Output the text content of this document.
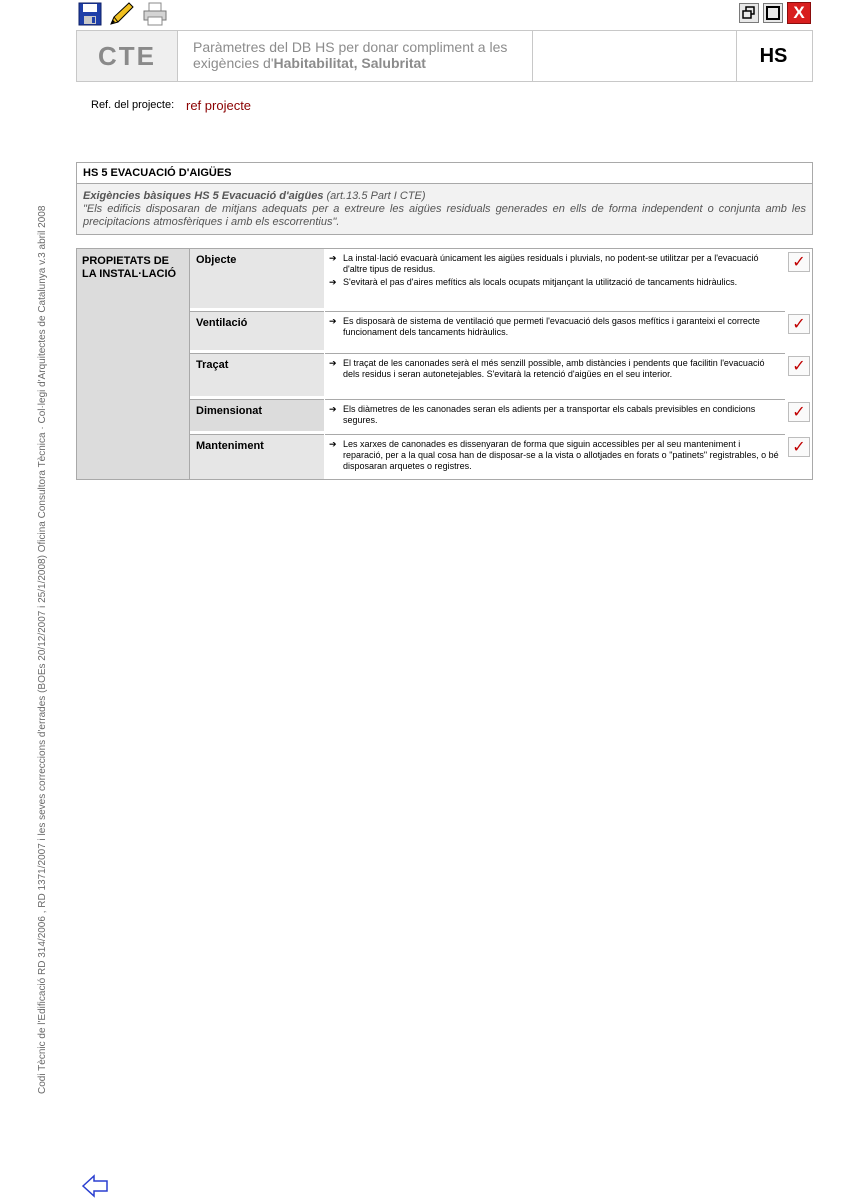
X
CTE	Paràmetres del DB HS per donar compliment a les
exigències d'Habitabilitat, Salubritat	HS
Ref. del projecte: ref projecte
Codi Tècnic de l'Edificació RD 314/2006 , RD 1371/2007 i les seves correccions d'errades (BOEs 20/12/2007 i 25/1/2008) Oficina Consultora Tècnica · Col·legi d'Arquitectes de Catalunya v.3 abril 2008
HS 5 EVACUACIÓ D'AIGÜES
Exigències bàsiques HS 5 Evacuació d'aigües (art.13.5 Part I CTE)
"Els edificis disposaran de mitjans adequats per a extreure les aigües residuals generades en ells de forma independent o conjunta amb les precipitacions atmosfèriques i amb els escorrentius".
PROPIETATS DE LA INSTAL·LACIÓ
Objecte	➔ La instal·lació evacuarà únicament les aigües residuals i pluvials, no podent-se utilitzar per a l'evacuació d'altre tipus de residus.
➔ S'evitarà el pas d'aires mefítics als locals ocupats mitjançant la utilització de tancaments hidràulics.
✓
Ventilació	➔ Es disposarà de sistema de ventilació que permeti l'evacuació dels gasos mefítics i garanteixi el correcte funcionament dels tancaments hidràulics.	✓
Traçat	➔ El traçat de les canonades serà el més senzill possible, amb distàncies i pendents que facilitin l'evacuació dels residus i seran autonetejables. S'evitarà la retenció d'aigües en el seu interior.	✓
Dimensionat	➔ Els diàmetres de les canonades seran els adients per a transportar els cabals previsibles en condicions segures.	✓
Manteniment	➔ Les xarxes de canonades es dissenyaran de forma que siguin accessibles per al seu manteniment i reparació, per a la qual cosa han de disposar-se a la vista o allotjades en forats o "patinets" registrables, o bé disposaran arquetes o registres.
✓
